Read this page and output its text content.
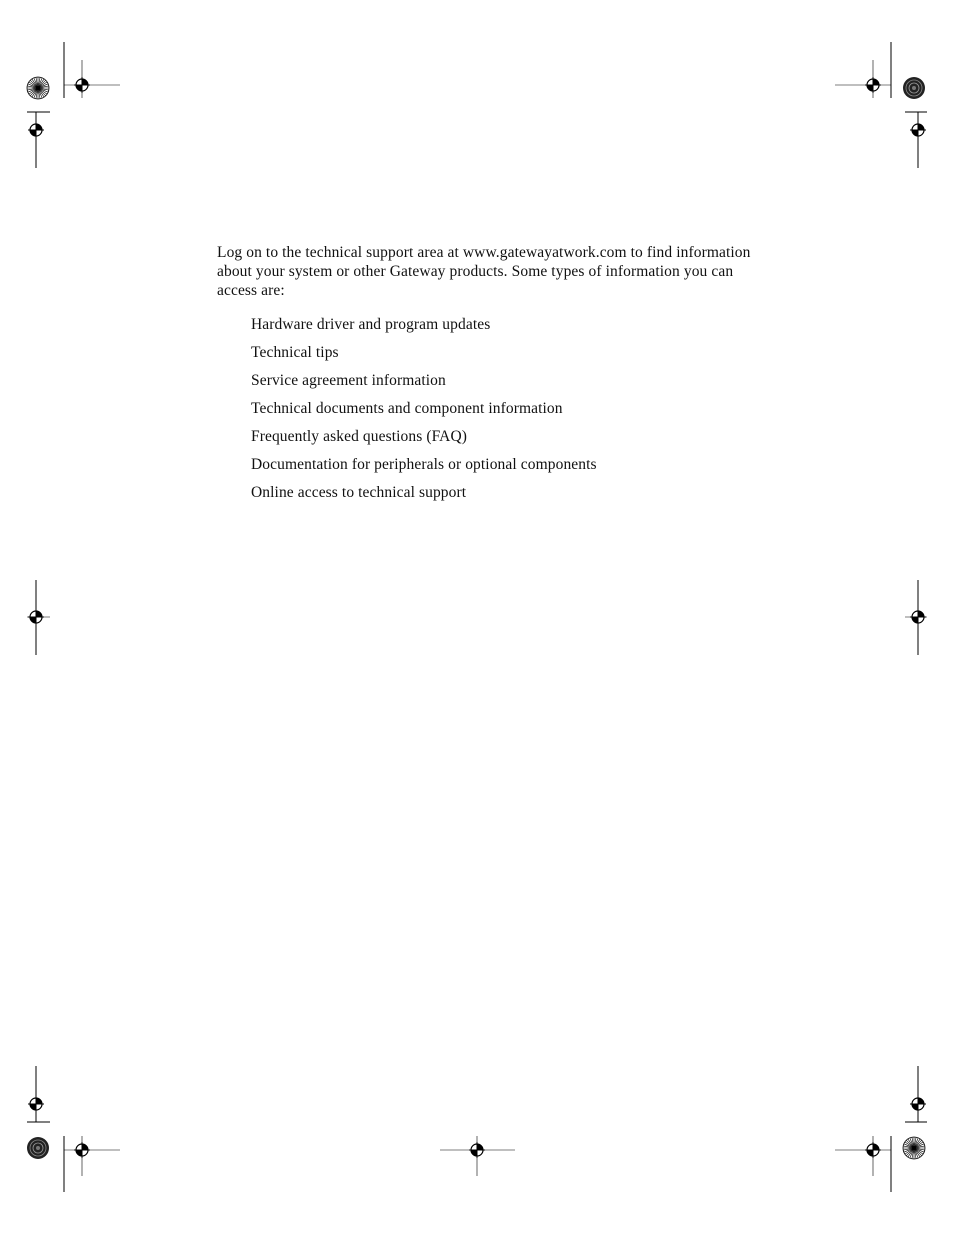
Log on to the technical support area at www.gatewayatwork.com to find information about your system or other Gateway products. Some types of information you can access are:

Hardware driver and program updates
Technical tips
Service agreement information
Technical documents and component information
Frequently asked questions (FAQ)
Documentation for peripherals or optional components
Online access to technical support
